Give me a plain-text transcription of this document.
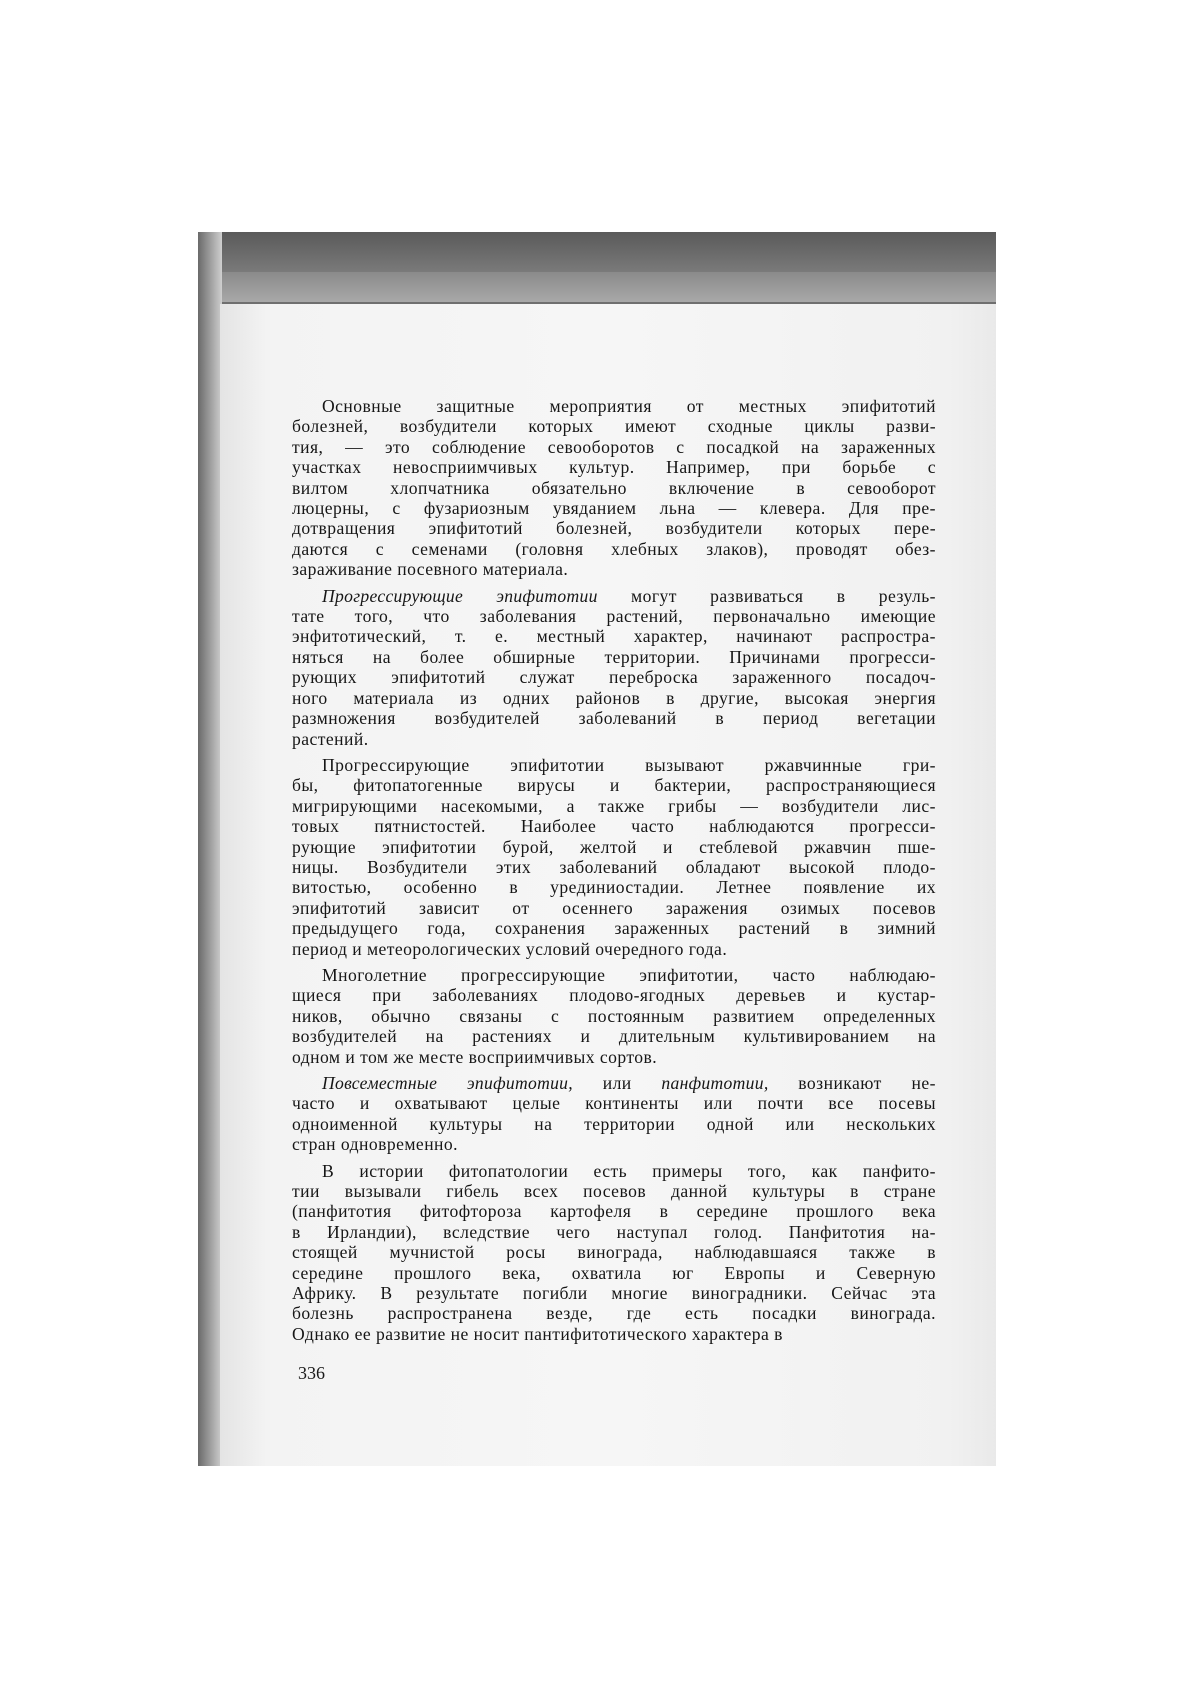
Основные защитные мероприятия от местных эпифитотий
болезней, возбудители которых имеют сходные циклы разви-
тия, — это соблюдение севооборотов с посадкой на зараженных
участках невосприимчивых культур. Например, при борьбе с
вилтом хлопчатника обязательно включение в севооборот
люцерны, с фузариозным увяданием льна — клевера. Для пре-
дотвращения эпифитотий болезней, возбудители которых пере-
даются с семенами (головня хлебных злаков), проводят обез-
зараживание посевного материала.
Прогрессирующие эпифитотии могут развиваться в резуль-
тате того, что заболевания растений, первоначально имеющие
энфитотический, т. е. местный характер, начинают распростра-
няться на более обширные территории. Причинами прогресси-
рующих эпифитотий служат переброска зараженного посадоч-
ного материала из одних районов в другие, высокая энергия
размножения возбудителей заболеваний в период вегетации
растений.
Прогрессирующие эпифитотии вызывают ржавчинные гри-
бы, фитопатогенные вирусы и бактерии, распространяющиеся
мигрирующими насекомыми, а также грибы — возбудители лис-
товых пятнистостей. Наиболее часто наблюдаются прогресси-
рующие эпифитотии бурой, желтой и стеблевой ржавчин пше-
ницы. Возбудители этих заболеваний обладают высокой плодо-
витостью, особенно в урединиостадии. Летнее появление их
эпифитотий зависит от осеннего заражения озимых посевов
предыдущего года, сохранения зараженных растений в зимний
период и метеорологических условий очередного года.
Многолетние прогрессирующие эпифитотии, часто наблюдаю-
щиеся при заболеваниях плодово-ягодных деревьев и кустар-
ников, обычно связаны с постоянным развитием определенных
возбудителей на растениях и длительным культивированием на
одном и том же месте восприимчивых сортов.
Повсеместные эпифитотии, или панфитотии, возникают не-
часто и охватывают целые континенты или почти все посевы
одноименной культуры на территории одной или нескольких
стран одновременно.
В истории фитопатологии есть примеры того, как панфито-
тии вызывали гибель всех посевов данной культуры в стране
(панфитотия фитофтороза картофеля в середине прошлого века
в Ирландии), вследствие чего наступал голод. Панфитотия на-
стоящей мучнистой росы винограда, наблюдавшаяся также в
середине прошлого века, охватила юг Европы и Северную
Африку. В результате погибли многие виноградники. Сейчас эта
болезнь распространена везде, где есть посадки винограда.
Однако ее развитие не носит пантифитотического характера в
336
